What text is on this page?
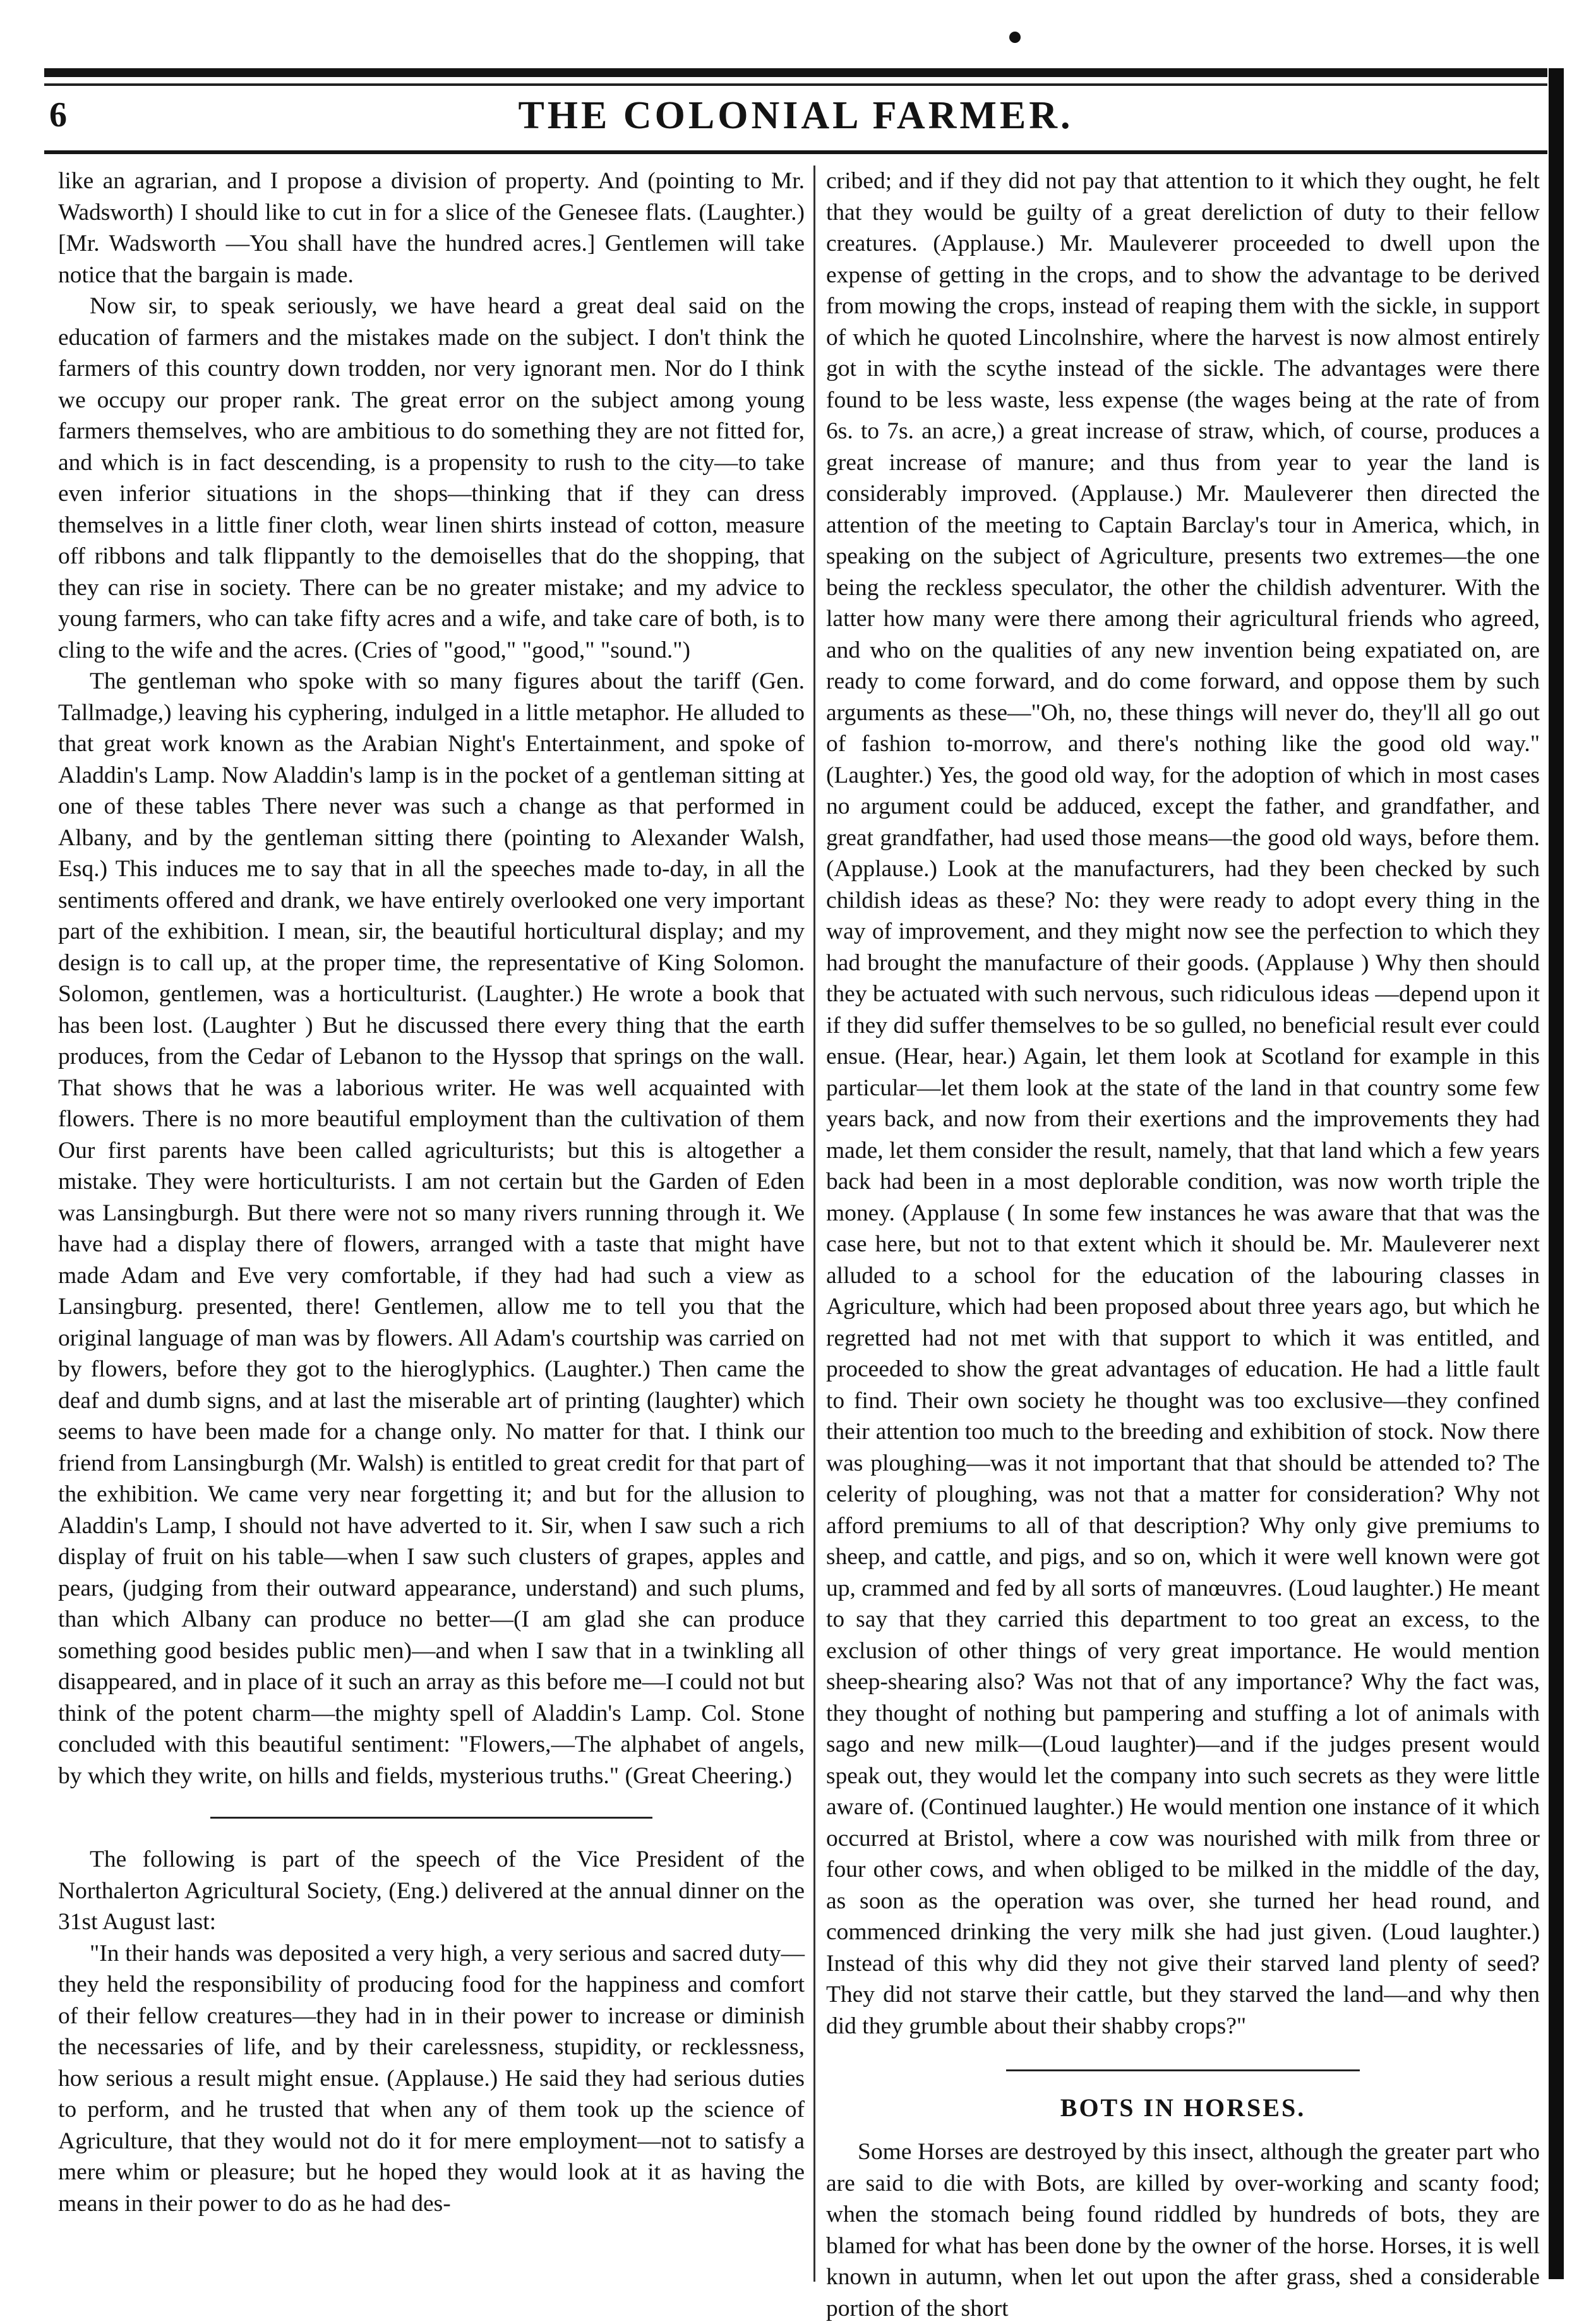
6	THE COLONIAL FARMER.

like an agrarian, and I propose a division of property. And (pointing to Mr. Wadsworth) I should like to cut in for a slice of the Genesee flats. (Laughter.) [Mr. Wadsworth —You shall have the hundred acres.] Gentlemen will take notice that the bargain is made.

Now sir, to speak seriously, we have heard a great deal said on the education of farmers and the mistakes made on the subject. I don't think the farmers of this country down trodden, nor very ignorant men. Nor do I think we occupy our proper rank. The great error on the subject among young farmers themselves, who are ambitious to do something they are not fitted for, and which is in fact descending, is a propensity to rush to the city—to take even inferior situations in the shops—thinking that if they can dress themselves in a little finer cloth, wear linen shirts instead of cotton, measure off ribbons and talk flippantly to the demoiselles that do the shopping, that they can rise in society. There can be no greater mistake; and my advice to young farmers, who can take fifty acres and a wife, and take care of both, is to cling to the wife and the acres. (Cries of "good," "good," "sound.")

The gentleman who spoke with so many figures about the tariff (Gen. Tallmadge,) leaving his cyphering, indulged in a little metaphor. He alluded to that great work known as the Arabian Night's Entertainment, and spoke of Aladdin's Lamp. Now Aladdin's lamp is in the pocket of a gentleman sitting at one of these tables There never was such a change as that performed in Albany, and by the gentleman sitting there (pointing to Alexander Walsh, Esq.) This induces me to say that in all the speeches made to-day, in all the sentiments offered and drank, we have entirely overlooked one very important part of the exhibition. I mean, sir, the beautiful horticultural display; and my design is to call up, at the proper time, the representative of King Solomon. Solomon, gentlemen, was a horticulturist. (Laughter.) He wrote a book that has been lost. (Laughter ) But he discussed there every thing that the earth produces, from the Cedar of Lebanon to the Hyssop that springs on the wall. That shows that he was a laborious writer. He was well acquainted with flowers. There is no more beautiful employment than the cultivation of them Our first parents have been called agriculturists; but this is altogether a mistake. They were horticulturists. I am not certain but the Garden of Eden was Lansingburgh. But there were not so many rivers running through it. We have had a display there of flowers, arranged with a taste that might have made Adam and Eve very comfortable, if they had had such a view as Lansingburg. presented, there! Gentlemen, allow me to tell you that the original language of man was by flowers. All Adam's courtship was carried on by flowers, before they got to the hieroglyphics. (Laughter.) Then came the deaf and dumb signs, and at last the miserable art of printing (laughter) which seems to have been made for a change only. No matter for that. I think our friend from Lansingburgh (Mr. Walsh) is entitled to great credit for that part of the exhibition. We came very near forgetting it; and but for the allusion to Aladdin's Lamp, I should not have adverted to it. Sir, when I saw such a rich display of fruit on his table—when I saw such clusters of grapes, apples and pears, (judging from their outward appearance, understand) and such plums, than which Albany can produce no better—(I am glad she can produce something good besides public men)—and when I saw that in a twinkling all disappeared, and in place of it such an array as this before me—I could not but think of the potent charm—the mighty spell of Aladdin's Lamp. Col. Stone concluded with this beautiful sentiment: "Flowers,—The alphabet of angels, by which they write, on hills and fields, mysterious truths." (Great Cheering.)

The following is part of the speech of the Vice President of the Northalerton Agricultural Society, (Eng.) delivered at the annual dinner on the 31st August last:

"In their hands was deposited a very high, a very serious and sacred duty—they held the responsibility of producing food for the happiness and comfort of their fellow creatures—they had in in their power to increase or diminish the necessaries of life, and by their carelessness, stupidity, or recklessness, how serious a result might ensue. (Applause.) He said they had serious duties to perform, and he trusted that when any of them took up the science of Agriculture, that they would not do it for mere employment—not to satisfy a mere whim or pleasure; but he hoped they would look at it as having the means in their power to do as he had des-

cribed; and if they did not pay that attention to it which they ought, he felt that they would be guilty of a great dereliction of duty to their fellow creatures. (Applause.) Mr. Mauleverer proceeded to dwell upon the expense of getting in the crops, and to show the advantage to be derived from mowing the crops, instead of reaping them with the sickle, in support of which he quoted Lincolnshire, where the harvest is now almost entirely got in with the scythe instead of the sickle. The advantages were there found to be less waste, less expense (the wages being at the rate of from 6s. to 7s. an acre,) a great increase of straw, which, of course, produces a great increase of manure; and thus from year to year the land is considerably improved. (Applause.) Mr. Mauleverer then directed the attention of the meeting to Captain Barclay's tour in America, which, in speaking on the subject of Agriculture, presents two extremes—the one being the reckless speculator, the other the childish adventurer. With the latter how many were there among their agricultural friends who agreed, and who on the qualities of any new invention being expatiated on, are ready to come forward, and do come forward, and oppose them by such arguments as these—"Oh, no, these things will never do, they'll all go out of fashion to-morrow, and there's nothing like the good old way." (Laughter.) Yes, the good old way, for the adoption of which in most cases no argument could be adduced, except the father, and grandfather, and great grandfather, had used those means—the good old ways, before them. (Applause.) Look at the manufacturers, had they been checked by such childish ideas as these? No: they were ready to adopt every thing in the way of improvement, and they might now see the perfection to which they had brought the manufacture of their goods. (Applause ) Why then should they be actuated with such nervous, such ridiculous ideas —depend upon it if they did suffer themselves to be so gulled, no beneficial result ever could ensue. (Hear, hear.) Again, let them look at Scotland for example in this particular—let them look at the state of the land in that country some few years back, and now from their exertions and the improvements they had made, let them consider the result, namely, that that land which a few years back had been in a most deplorable condition, was now worth triple the money. (Applause ( In some few instances he was aware that that was the case here, but not to that extent which it should be. Mr. Mauleverer next alluded to a school for the education of the labouring classes in Agriculture, which had been proposed about three years ago, but which he regretted had not met with that support to which it was entitled, and proceeded to show the great advantages of education. He had a little fault to find. Their own society he thought was too exclusive—they confined their attention too much to the breeding and exhibition of stock. Now there was ploughing—was it not important that that should be attended to? The celerity of ploughing, was not that a matter for consideration? Why not afford premiums to all of that description? Why only give premiums to sheep, and cattle, and pigs, and so on, which it were well known were got up, crammed and fed by all sorts of manœuvres. (Loud laughter.) He meant to say that they carried this department to too great an excess, to the exclusion of other things of very great importance. He would mention sheep-shearing also? Was not that of any importance? Why the fact was, they thought of nothing but pampering and stuffing a lot of animals with sago and new milk—(Loud laughter)—and if the judges present would speak out, they would let the company into such secrets as they were little aware of. (Continued laughter.) He would mention one instance of it which occurred at Bristol, where a cow was nourished with milk from three or four other cows, and when obliged to be milked in the middle of the day, as soon as the operation was over, she turned her head round, and commenced drinking the very milk she had just given. (Loud laughter.) Instead of this why did they not give their starved land plenty of seed? They did not starve their cattle, but they starved the land—and why then did they grumble about their shabby crops?"

BOTS IN HORSES.

Some Horses are destroyed by this insect, although the greater part who are said to die with Bots, are killed by over-working and scanty food; when the stomach being found riddled by hundreds of bots, they are blamed for what has been done by the owner of the horse. Horses, it is well known in autumn, when let out upon the after grass, shed a considerable portion of the short
